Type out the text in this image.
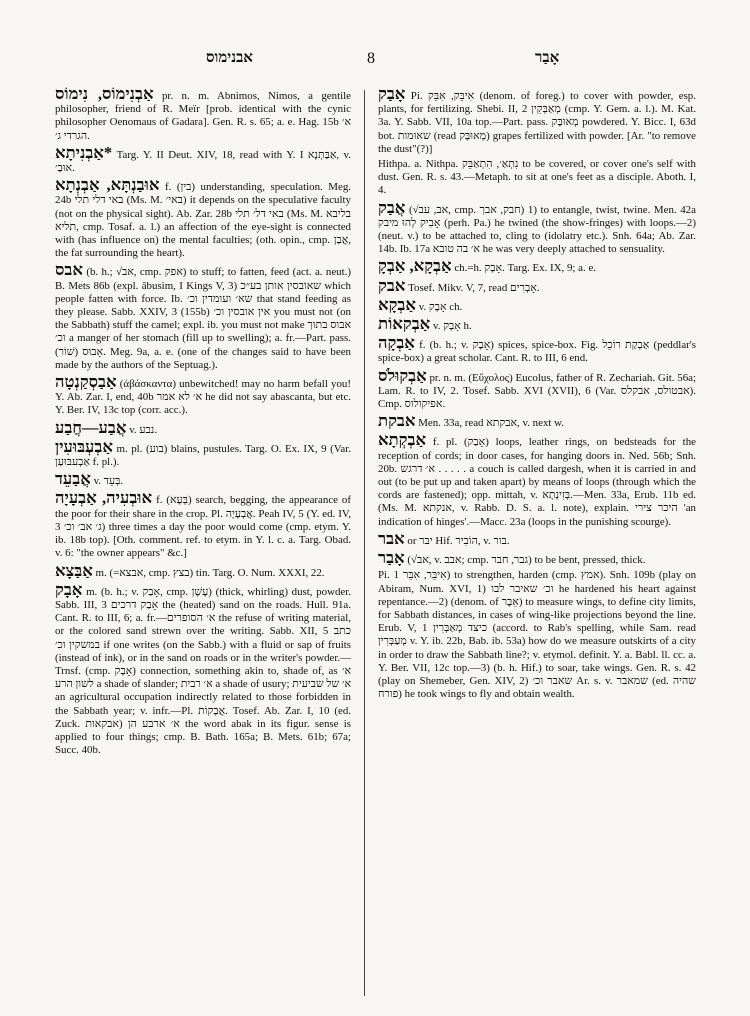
אבנימוס	8	אָבַר
אַבְנִימוֹס, נִימוֹס pr. n. m. Abnimos, Nimos, a gentile philosopher, friend of R. Meïr [prob. identical with the cynic philosopher Oenomaus of Gadara]. Gen. R. s. 65; a. e. Hag. 15b א׳ הגרדי ג׳.
*אַבְנִיתָא Targ. Y. II Deut. XIV, 18, read with Y. I אַבַּתְנָא, v. אוּבַ׳.
אוּבַנְתָּא, אַבְנְתָא f. (בין) understanding, speculation. Meg. 24b באי דלי תלי (Ms. M. באי׳) it depends on the speculative faculty (not on the physical sight). Ab. Zar. 28b באי דל׳ תלי (Ms. M. בליבא תליא, cmp. Tosaf. a. l.) an affection of the eye-sight is connected with (has influence on) the mental faculties; (oth. opin., cmp. אֲבַן, the fat surrounding the heart).
אבס (b. h.; √אב, cmp. אפק) to stuff; to fatten, feed (act. a. neut.) B. Mets 86b (expl. âbusim, I Kings V, 3) שאובסין אותן בע״כ which people fatten with force. Ib. שא׳ ועומדין וכ׳ that stand feeding as they please. Sabb. XXIV, 3 (155b) אין אובסין וכ׳ you must not (on the Sabbath) stuff the camel; expl. ib. you must not make אבוס בתוך וכ׳ a manger of her stomach (fill up to swelling); a. fr.—Part. pass. אָבוּס (שׁוֹר). Meg. 9a, a. e. (one of the changes said to have been made by the authors of the Septuag.).
אַבַסְקַנְטָה (ἀβάσκαντα) unbewitched! may no harm befall you! Y. Ab. Zar. I, end, 40b א׳ לא אמר he did not say abascanta, but etc. Y. Ber. IV, 13c top (corr. acc.).
אֲבַע—חֲבַע v. נבע.
אַבְעְבּוּעִין m. pl. (בוע) blains, pustules. Targ. O. Ex. IX, 9 (Var. אַבְעבּוּעַן f. pl.).
אֲבַעֵד v. בְּעֵד.
אוּבְעִיה, אַבְעָיָה f. (בְּעָא) search, begging, the appearance of the poor for their share in the crop. Pl. אֲבְעָיָה. Peah IV, 5 (Y. ed. IV, 3 ג׳ אב׳ וכ׳) three times a day the poor would come (cmp. etym. Y. ib. 18b top). [Oth. comment. ref. to etym. in Y. l. c. a. Targ. Obad. v. 6: "the owner appears" &c.]
אַבַּצָא m. (=אבצא, cmp. בצץ) tin. Targ. O. Num. XXXI, 22.
אָבָק m. (b. h.; v. אָבַק, cmp. עָשָׁן) (thick, whirling) dust, powder. Sabb. III, 3 אָבַק דרכים the (heated) sand on the roads. Hull. 91a. Cant. R. to III, 6; a. fr.—א׳ הסופרים the refuse of writing material, or the colored sand strewn over the writing. Sabb. XII, 5 כתב במשקין וכ׳ if one writes (on the Sabb.) with a fluid or sap of fruits (instead of ink), or in the sand on roads or in the writer's powder.—Trnsf. (cmp. אָבָק) connection, something akin to, shade of, as א׳ לשון הרע a shade of slander; א׳ רבית a shade of usury; א׳ של שביעית an agricultural occupation indirectly related to those forbidden in the Sabbath year; v. infr.—Pl. אֲבָקוֹת. Tosef. Ab. Zar. I, 10 (ed. Zuck. אבקאות) א׳ ארבע הן the word abak in its figur. sense is applied to four things; cmp. B. Bath. 165a; B. Mets. 61b; 67a; Succ. 40b.
אָבַק Pi. אִיבֵּק, אִבֵּק (denom. of foreg.) to cover with powder, esp. plants, for fertilizing. Shebi. II, 2 מְאַבְּקִין (cmp. Y. Gem. a. l.). M. Kat. 3a. Y. Sabb. VII, 10a top.—Part. pass. מְאוּבָּק powdered. Y. Bicc. I, 63d bot. שאוּמות (read מְאוּבָּק) grapes fertilized with powder. [Ar. "to remove the dust"(?)]
Hithpa. a. Nithpa. נִתְאַ׳, הִתְאַבֵּק to be covered, or cover one's self with dust. Gen. R. s. 43.—Metaph. to sit at one's feet as a disciple. Aboth. I, 4.
אֲבַק (√אב, עב, cmp. חבק, אבך) 1) to entangle, twist, twine. Men. 42a אָבִיק לְהוּ מיבק (perh. Pa.) he twined (the show-fringes) with loops.—2) (neut. v.) to be attached to, cling to (idolatry etc.). Snh. 64a; Ab. Zar. 14b. Ib. 17a א׳ בה טובא he was very deeply attached to sensuality.
אַבְקָא, אַבְקָ ch.=h. אָבָק. Targ. Ex. IX, 9; a. e.
אבק Tosef. Mikv. V, 7, read אָבְרִים.
אַבְקָא v. אָבָק ch.
אַבְקאוֹת v. אָבָק h.
אַבְקָה f. (b. h.; v. אָבָק) spices, spice-box. Fig. אַבְקַת רוֹכֵל (peddlar's spice-box) a great scholar. Cant. R. to III, 6 end.
אַבְקוּלֹס pr. n. m. (Εὔχολος) Eucolus, father of R. Zechariah. Git. 56a; Lam. R. to IV, 2. Tosef. Sabb. XVI (XVII), 6 (Var. אבטולס, אבקלס). Cmp. אפיקולוס.
אבקת Men. 33a, read אבקתא, v. next w.
אַבְקְתָא f. pl. (אָבַק) loops, leather rings, on bedsteads for the reception of cords; in door cases, for hanging doors in. Ned. 56b; Snh. 20b. א׳ דרגש . . . . . a couch is called dargesh, when it is carried in and out (to be put up and taken apart) by means of loops (through which the cords are fastened); opp. mittah, v. בְּזִינְתָא.—Men. 33a, Erub. 11b ed. (Ms. M. אנקתא, v. Rabb. D. S. a. l. note), explain. היכר צירי 'an indication of hinges'.—Macc. 23a (loops in the punishing scourge).
אבר or יבר Hif. הוֹבִיר, v. בור.
אָבַר (√אב, v. אבב; cmp. גבר, חבר) to be bent, pressed, thick.
Pi. אִיבֵּר, אִבֵּר 1) to strengthen, harden (cmp. אמץ). Snh. 109b (play on Abiram, Num. XVI, 1) וכ׳ שאיבר לבו he hardened his heart against repentance.—2) (denom. of אֵבֶר) to measure wings, to define city limits, for Sabbath distances, in cases of wing-like projections beyond the line. Erub. V, 1 כיצד מְאַבְּרִין (accord. to Rab's spelling, while Sam. read מְעַבְּרִין v. Y. ib. 22b, Bab. ib. 53a) how do we measure outskirts of a city in order to draw the Sabbath line?; v. etymol. definit. Y. a. Babl. ll. cc. a. Y. Ber. VII, 12c top.—3) (b. h. Hif.) to soar, take wings. Gen. R. s. 42 (play on Shemeber, Gen. XIV, 2) שאבר וכ׳ Ar. s. v. שמאבר (ed. שהיה פורח) he took wings to fly and obtain wealth.
